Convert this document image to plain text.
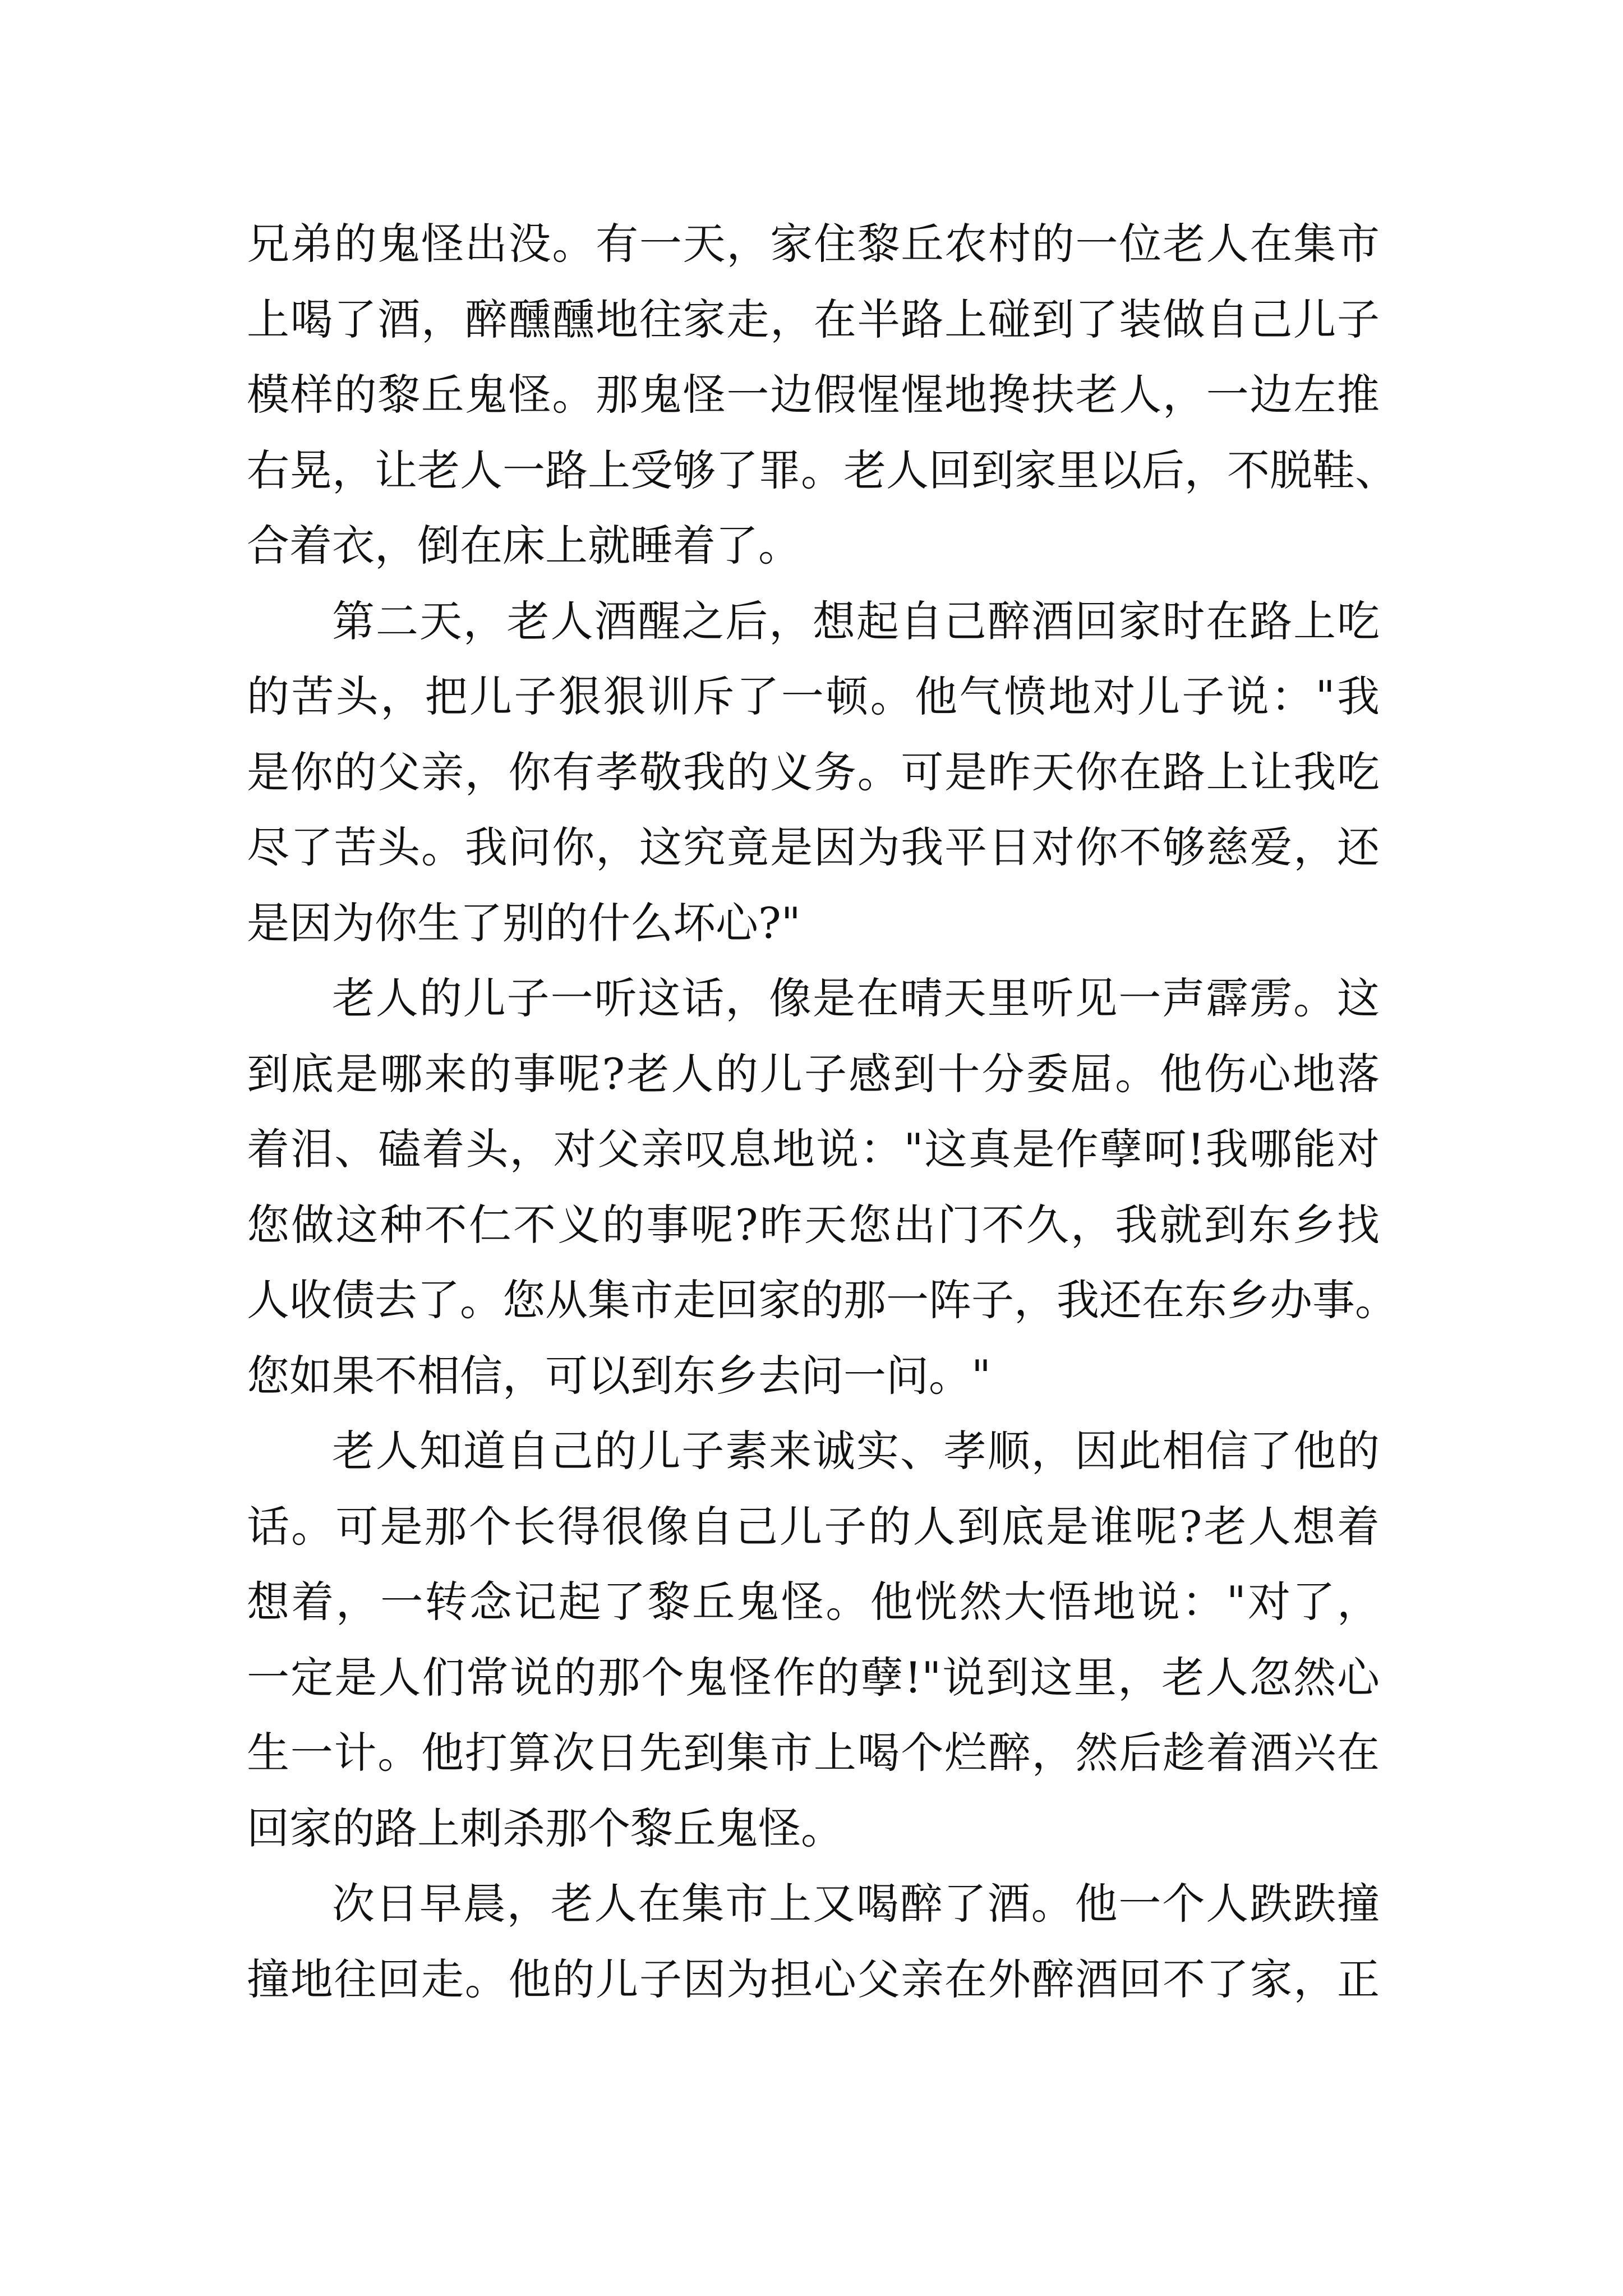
兄弟的鬼怪出没。有一天，家住黎丘农村的一位老人在集市
上喝了酒，醉醺醺地往家走，在半路上碰到了装做自己儿子
模样的黎丘鬼怪。那鬼怪一边假惺惺地搀扶老人，一边左推
右晃，让老人一路上受够了罪。老人回到家里以后，不脱鞋、
合着衣，倒在床上就睡着了。
第二天，老人酒醒之后，想起自己醉酒回家时在路上吃
的苦头，把儿子狠狠训斥了一顿。他气愤地对儿子说："我
是你的父亲，你有孝敬我的义务。可是昨天你在路上让我吃
尽了苦头。我问你，这究竟是因为我平日对你不够慈爱，还
是因为你生了别的什么坏心?"
老人的儿子一听这话，像是在晴天里听见一声霹雳。这
到底是哪来的事呢?老人的儿子感到十分委屈。他伤心地落
着泪、磕着头，对父亲叹息地说："这真是作孽呵!我哪能对
您做这种不仁不义的事呢?昨天您出门不久，我就到东乡找
人收债去了。您从集市走回家的那一阵子，我还在东乡办事。
您如果不相信，可以到东乡去问一问。"
老人知道自己的儿子素来诚实、孝顺，因此相信了他的
话。可是那个长得很像自己儿子的人到底是谁呢?老人想着
想着，一转念记起了黎丘鬼怪。他恍然大悟地说："对了，
一定是人们常说的那个鬼怪作的孽!"说到这里，老人忽然心
生一计。他打算次日先到集市上喝个烂醉，然后趁着酒兴在
回家的路上刺杀那个黎丘鬼怪。
次日早晨，老人在集市上又喝醉了酒。他一个人跌跌撞
撞地往回走。他的儿子因为担心父亲在外醉酒回不了家，正
